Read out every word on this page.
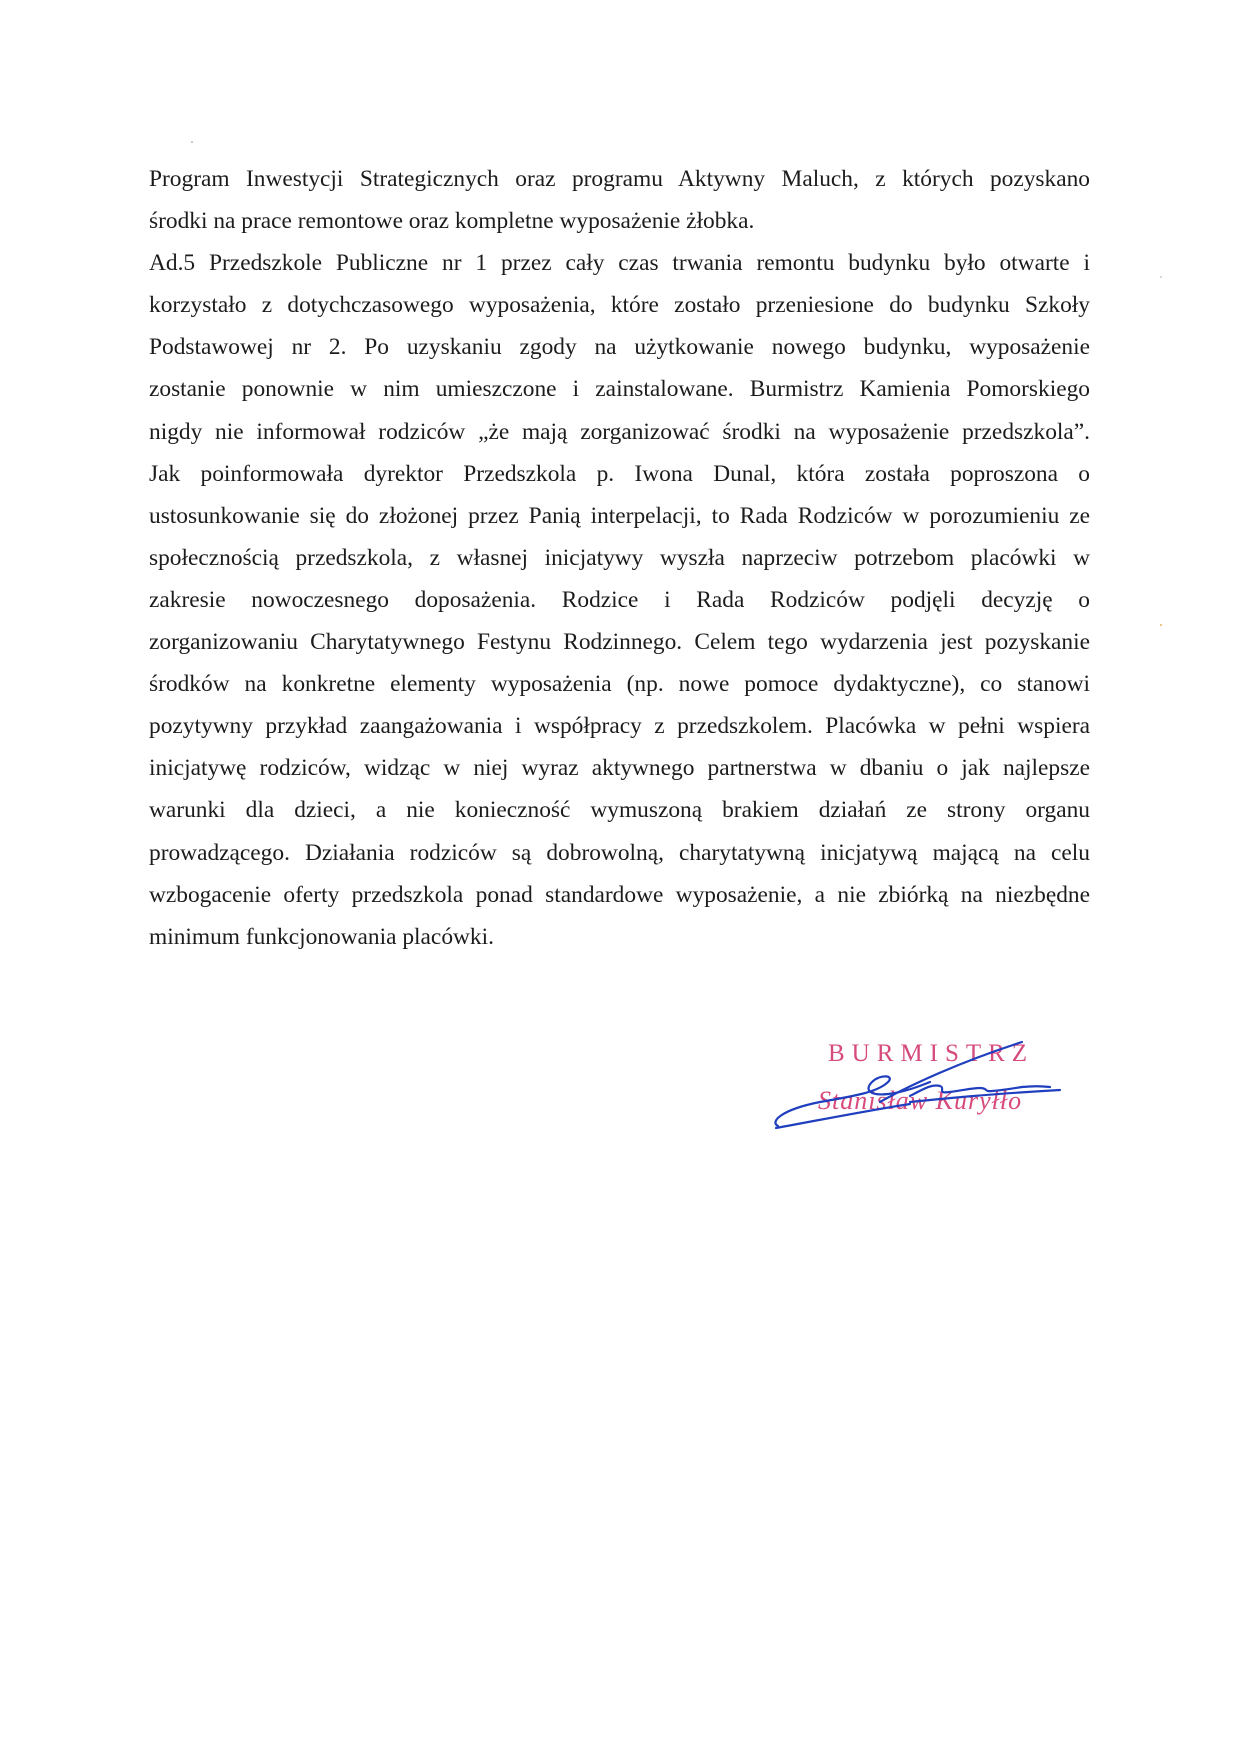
Program Inwestycji Strategicznych oraz programu Aktywny Maluch, z których pozyskano
środki na prace remontowe oraz kompletne wyposażenie żłobka.
Ad.5 Przedszkole Publiczne nr 1 przez cały czas trwania remontu budynku było otwarte i
korzystało z dotychczasowego wyposażenia, które zostało przeniesione do budynku Szkoły
Podstawowej nr 2. Po uzyskaniu zgody na użytkowanie nowego budynku, wyposażenie
zostanie ponownie w nim umieszczone i zainstalowane. Burmistrz Kamienia Pomorskiego
nigdy nie informował rodziców „że mają zorganizować środki na wyposażenie przedszkola”.
Jak poinformowała dyrektor Przedszkola p. Iwona Dunal, która została poproszona o
ustosunkowanie się do złożonej przez Panią interpelacji, to Rada Rodziców w porozumieniu ze
społecznością przedszkola, z własnej inicjatywy wyszła naprzeciw potrzebom placówki w
zakresie nowoczesnego doposażenia. Rodzice i Rada Rodziców podjęli decyzję o
zorganizowaniu Charytatywnego Festynu Rodzinnego. Celem tego wydarzenia jest pozyskanie
środków na konkretne elementy wyposażenia (np. nowe pomoce dydaktyczne), co stanowi
pozytywny przykład zaangażowania i współpracy z przedszkolem. Placówka w pełni wspiera
inicjatywę rodziców, widząc w niej wyraz aktywnego partnerstwa w dbaniu o jak najlepsze
warunki dla dzieci, a nie konieczność wymuszoną brakiem działań ze strony organu
prowadzącego. Działania rodziców są dobrowolną, charytatywną inicjatywą mającą na celu
wzbogacenie oferty przedszkola ponad standardowe wyposażenie, a nie zbiórką na niezbędne
minimum funkcjonowania placówki.
BURMISTRZ
Stanisław Kuryłło
